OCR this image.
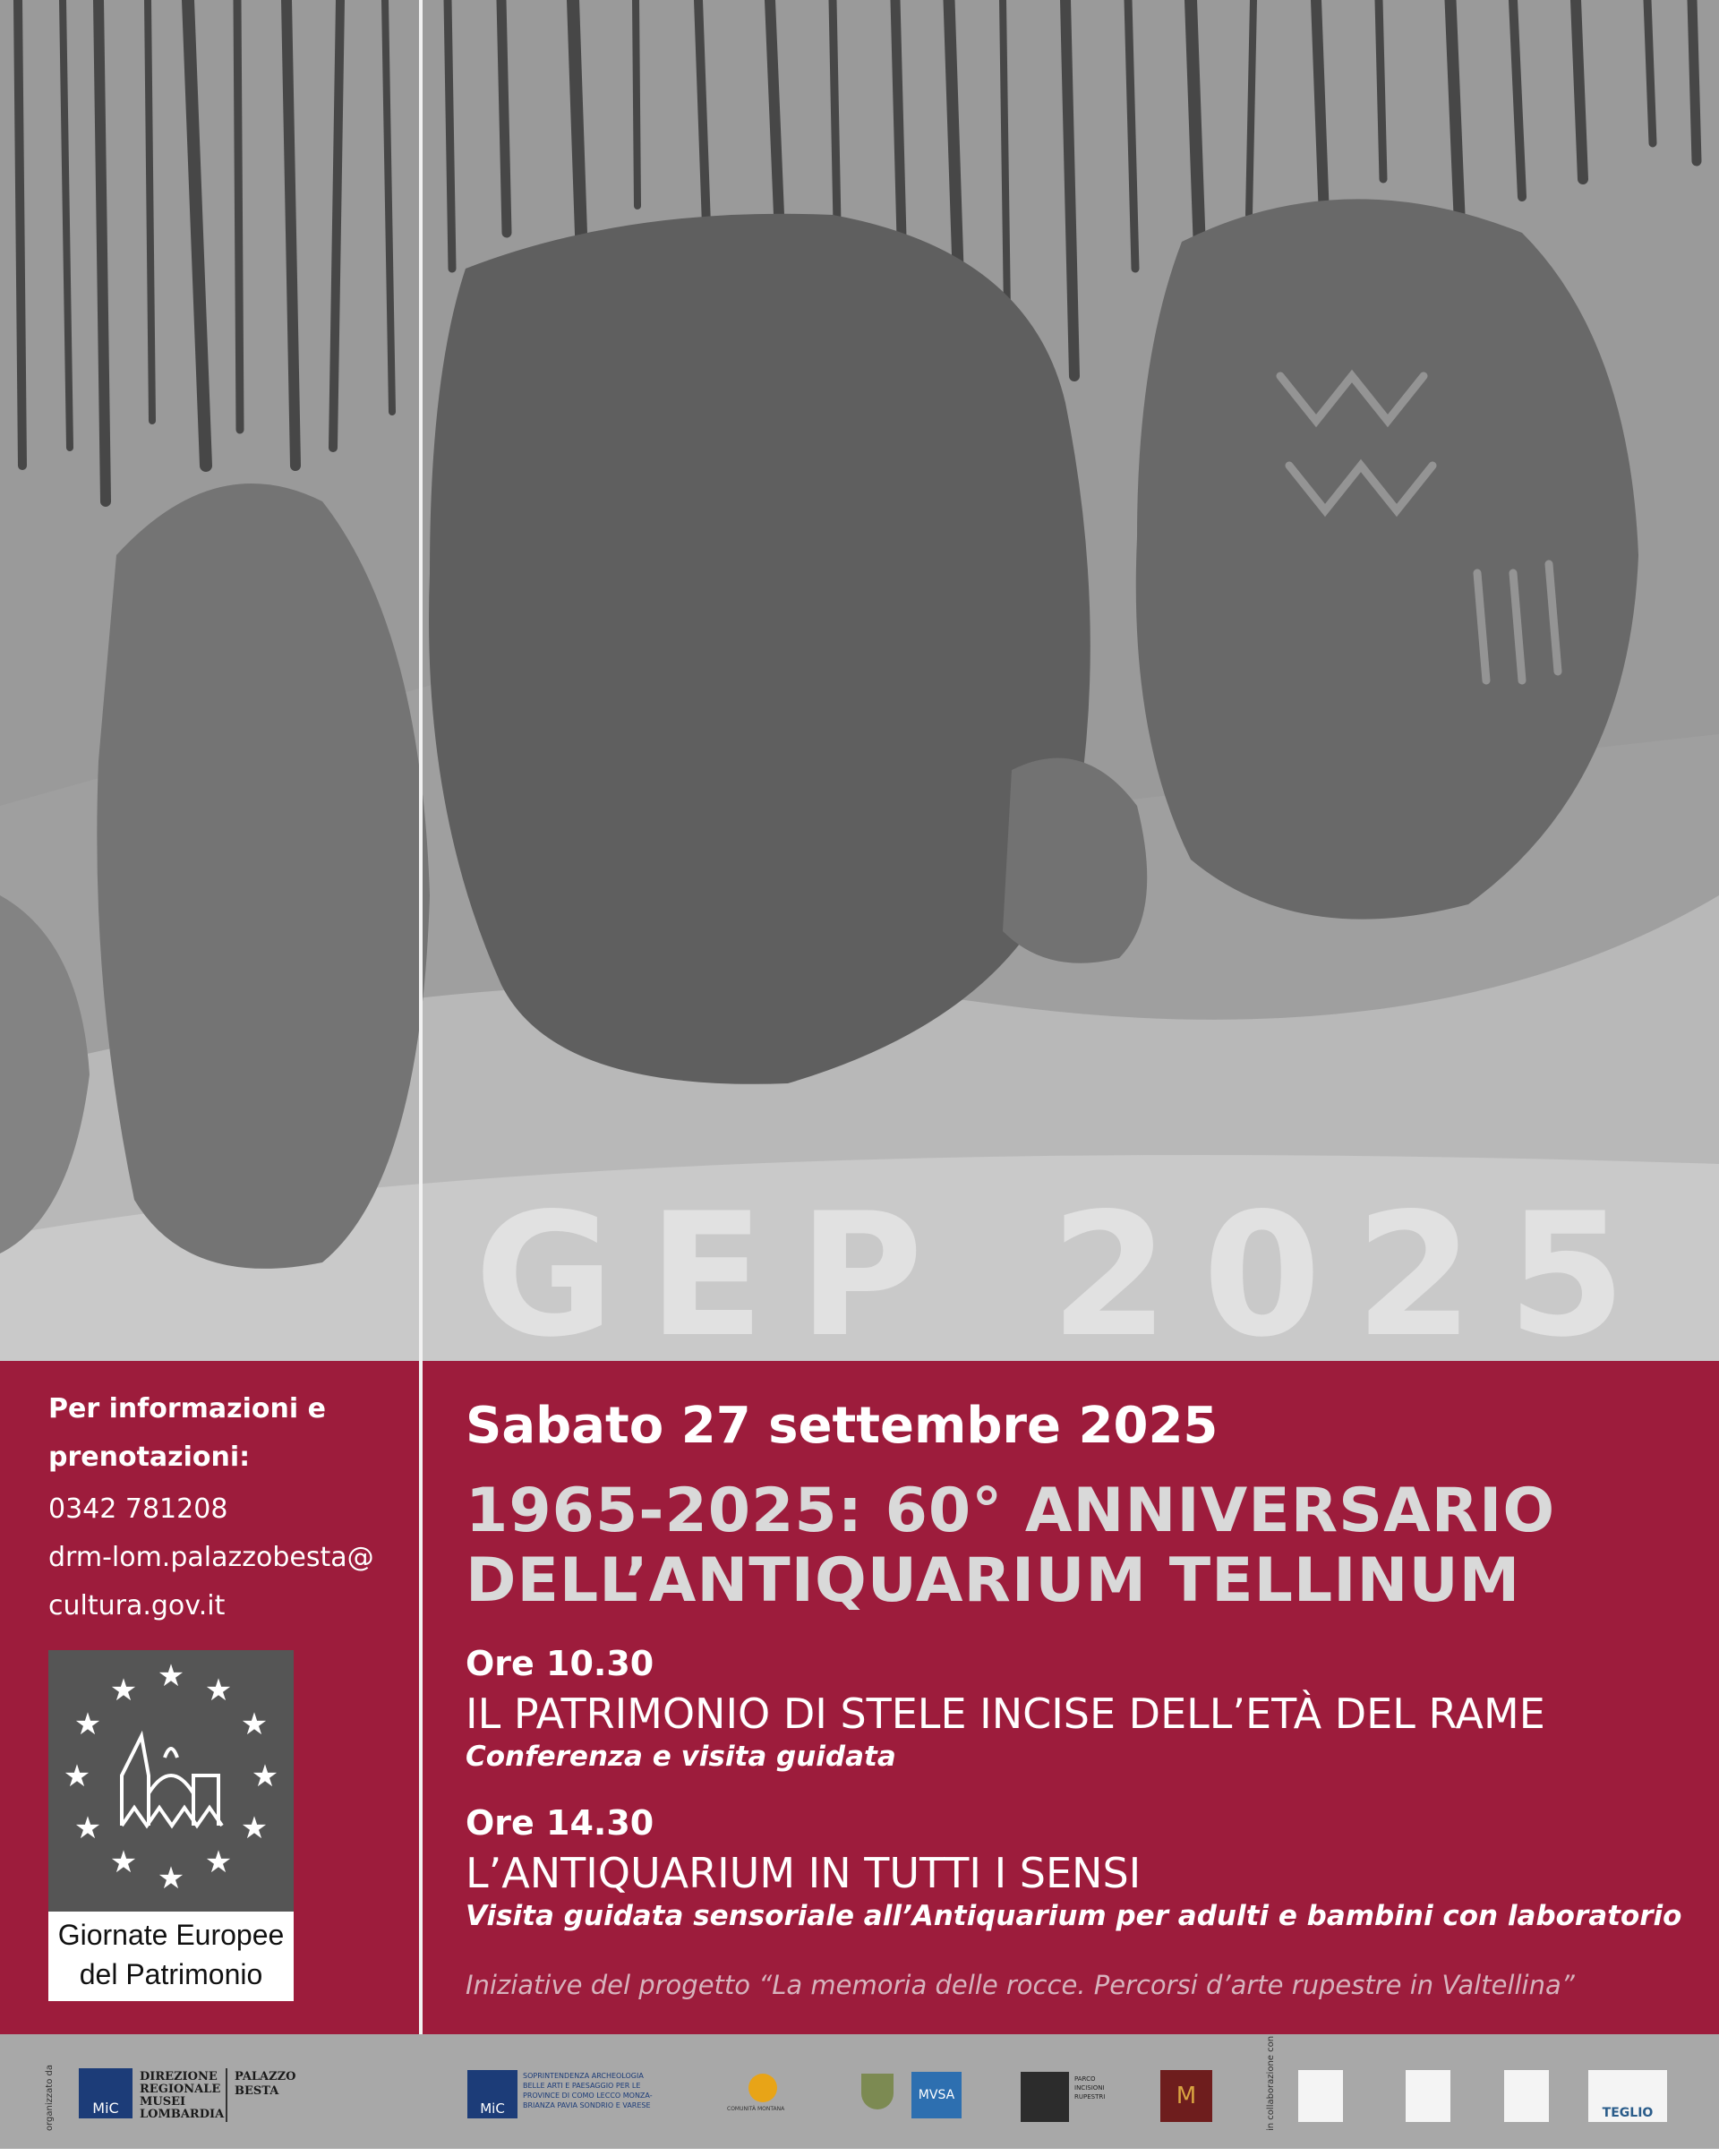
GEP 2025
Per informazioni e
prenotazioni:
0342 781208
drm-lom.palazzobesta@
cultura.gov.it
★
★ ★
★	★
★	★
★	★
★ ★
★
Giornate Europee
del Patrimonio
Sabato 27 settembre 2025
1965-2025: 60° ANNIVERSARIO
DELL’ANTIQUARIUM TELLINUM
Ore 10.30
IL PATRIMONIO DI STELE INCISE DELL’ETÀ DEL RAME
Conferenza e visita guidata
Ore 14.30
L’ANTIQUARIUM IN TUTTI I SENSI
Visita guidata sensoriale all’Antiquarium per adulti e bambini con laboratorio
Iniziative del progetto “La memoria delle rocce. Percorsi d’arte rupestre in Valtellina”
organizzato da	in collaborazione con
MiC
DIREZIONE
REGIONALE
MUSEI
LOMBARDIA
PALAZZO
BESTA
MiC
SOPRINTENDENZA ARCHEOLOGIA
BELLE ARTI E PAESAGGIO PER LE
PROVINCE DI COMO LECCO MONZA-
BRIANZA PAVIA SONDRIO E VARESE	COMUNITÀ MONTANA
MVSA
PARCO
INCISIONI
RUPESTRI	M
TEGLIO
